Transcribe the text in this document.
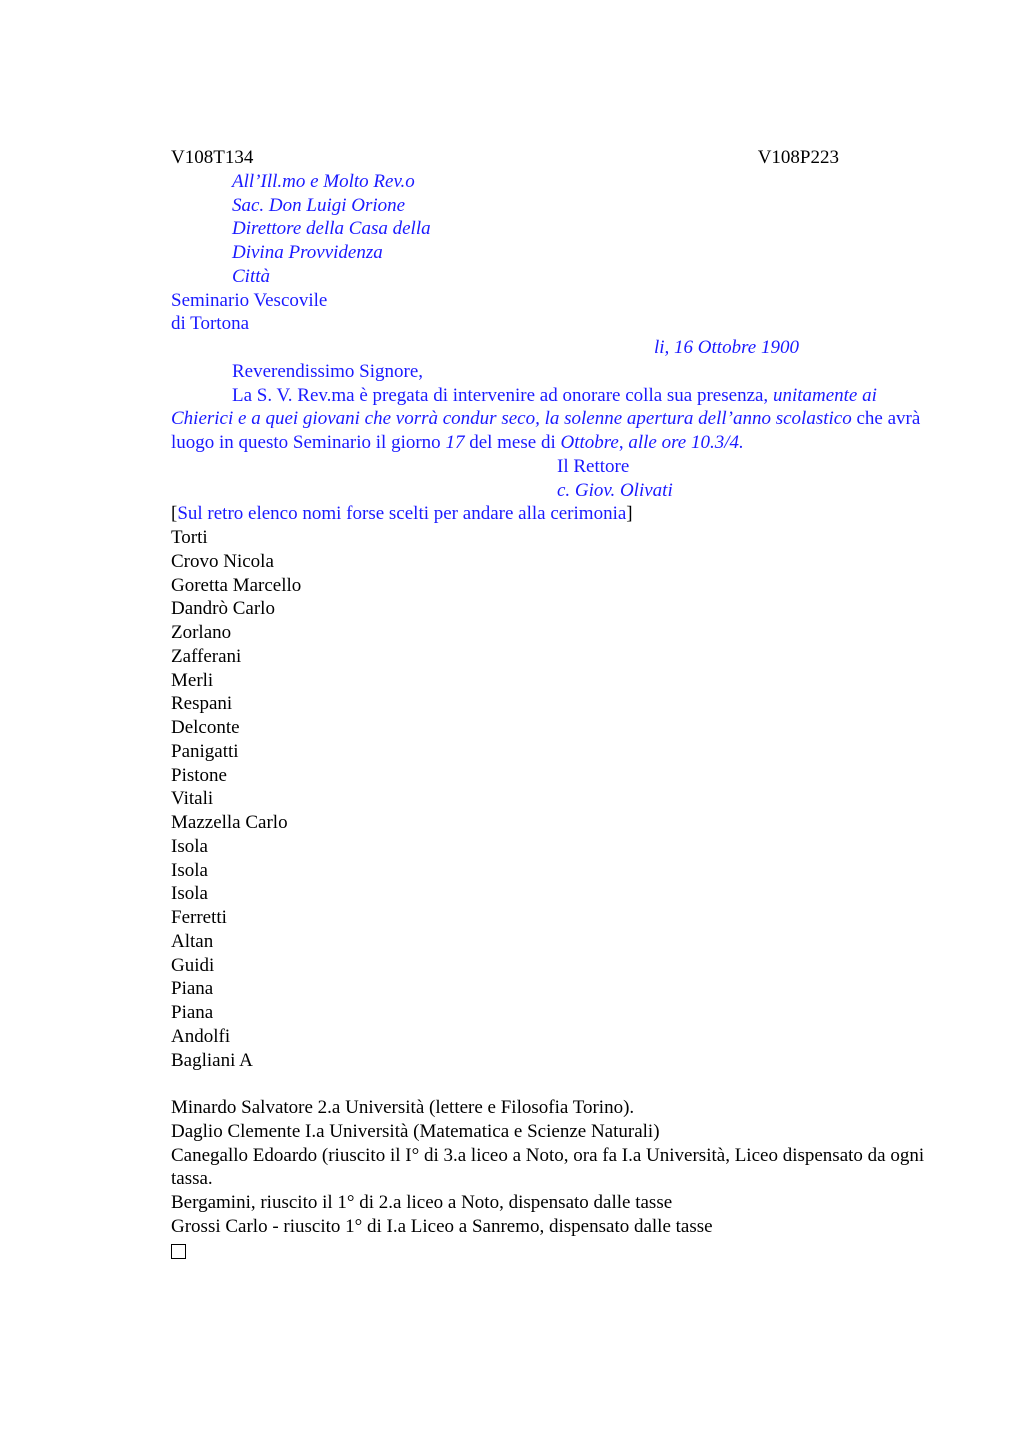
V108T134	V108P223
All’Ill.mo e Molto Rev.o
Sac. Don Luigi Orione
Direttore della Casa della
Divina Provvidenza
Città
Seminario Vescovile
di Tortona
li, 16 Ottobre 1900
Reverendissimo Signore,
La S. V. Rev.ma è pregata di intervenire ad onorare colla sua presenza, unitamente ai Chierici e a quei giovani che vorrà condur seco, la solenne apertura dell’anno scolastico che avrà luogo in questo Seminario il giorno 17 del mese di Ottobre, alle ore 10.3/4.
Il Rettore
c. Giov. Olivati
[Sul retro elenco nomi forse scelti per andare alla cerimonia]
Torti
Crovo Nicola
Goretta Marcello
Dandrò Carlo
Zorlano
Zafferani
Merli
Respani
Delconte
Panigatti
Pistone
Vitali
Mazzella Carlo
Isola
Isola
Isola
Ferretti
Altan
Guidi
Piana
Piana
Andolfi
Bagliani A
Minardo Salvatore 2.a Università (lettere e Filosofia Torino).
Daglio Clemente I.a Università (Matematica e Scienze Naturali)
Canegallo Edoardo (riuscito il I° di 3.a liceo a Noto, ora fa I.a Università, Liceo dispensato da ogni tassa.
Bergamini, riuscito il 1° di 2.a liceo a Noto, dispensato dalle tasse
Grossi Carlo - riuscito 1° di I.a Liceo a Sanremo, dispensato dalle tasse
